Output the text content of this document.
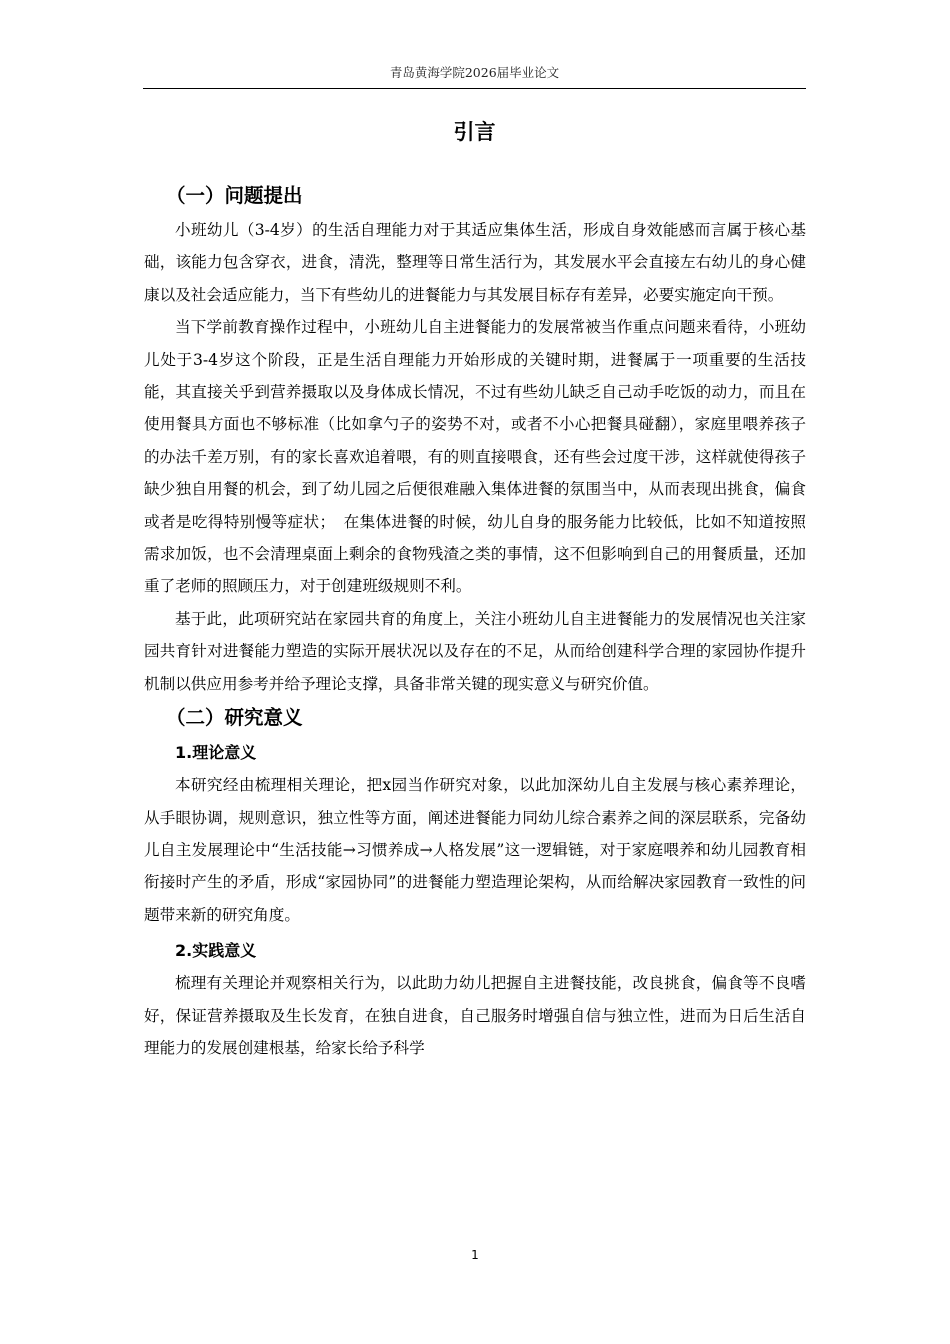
青岛黄海学院2026届毕业论文
引言
（一）问题提出

小班幼儿（3-4岁）的生活自理能力对于其适应集体生活，形成自身效能感而言属于核心基础，该能力包含穿衣，进食，清洗，整理等日常生活行为，其发展水平会直接左右幼儿的身心健康以及社会适应能力，当下有些幼儿的进餐能力与其发展目标存有差异，必要实施定向干预。

当下学前教育操作过程中，小班幼儿自主进餐能力的发展常被当作重点问题来看待，小班幼儿处于3-4岁这个阶段，正是生活自理能力开始形成的关键时期，进餐属于一项重要的生活技能，其直接关乎到营养摄取以及身体成长情况，不过有些幼儿缺乏自己动手吃饭的动力，而且在使用餐具方面也不够标准（比如拿勺子的姿势不对，或者不小心把餐具碰翻），家庭里喂养孩子的办法千差万别，有的家长喜欢追着喂，有的则直接喂食，还有些会过度干涉，这样就使得孩子缺少独自用餐的机会，到了幼儿园之后便很难融入集体进餐的氛围当中，从而表现出挑食，偏食或者是吃得特别慢等症状；　在集体进餐的时候，幼儿自身的服务能力比较低，比如不知道按照需求加饭，也不会清理桌面上剩余的食物残渣之类的事情，这不但影响到自己的用餐质量，还加重了老师的照顾压力，对于创建班级规则不利。

基于此，此项研究站在家园共育的角度上，关注小班幼儿自主进餐能力的发展情况也关注家园共育针对进餐能力塑造的实际开展状况以及存在的不足，从而给创建科学合理的家园协作提升机制以供应用参考并给予理论支撑，具备非常关键的现实意义与研究价值。

（二）研究意义
1.理论意义

本研究经由梳理相关理论，把x园当作研究对象，以此加深幼儿自主发展与核心素养理论，从手眼协调，规则意识，独立性等方面，阐述进餐能力同幼儿综合素养之间的深层联系，完备幼儿自主发展理论中“生活技能→习惯养成→人格发展”这一逻辑链，对于家庭喂养和幼儿园教育相衔接时产生的矛盾，形成“家园协同”的进餐能力塑造理论架构，从而给解决家园教育一致性的问题带来新的研究角度。

2.实践意义

梳理有关理论并观察相关行为，以此助力幼儿把握自主进餐技能，改良挑食，偏食等不良嗜好，保证营养摄取及生长发育，在独自进食，自己服务时增强自信与独立性，进而为日后生活自理能力的发展创建根基，给家长给予科学

1
